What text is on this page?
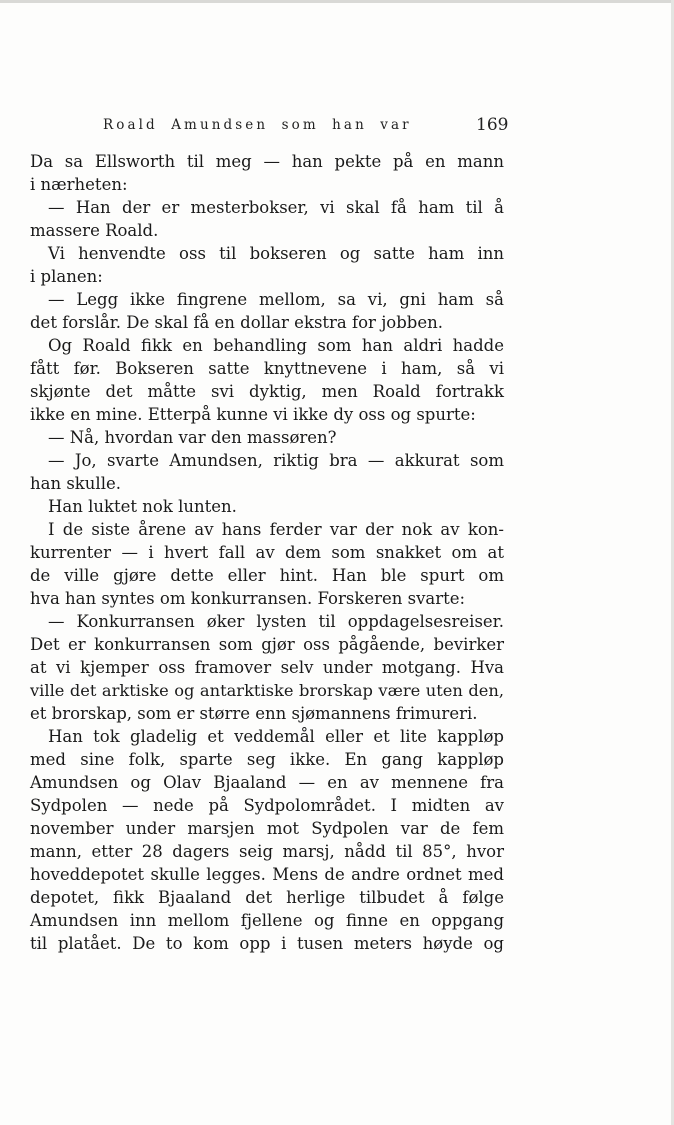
Roald Amundsen som han var	169
Da sa Ellsworth til meg — han pekte på en mann
i nærheten:
— Han der er mesterbokser, vi skal få ham til å
massere Roald.
Vi henvendte oss til bokseren og satte ham inn
i planen:
— Legg ikke fingrene mellom, sa vi, gni ham så
det forslår. De skal få en dollar ekstra for jobben.
Og Roald fikk en behandling som han aldri hadde
fått før. Bokseren satte knyttnevene i ham, så vi
skjønte det måtte svi dyktig, men Roald fortrakk
ikke en mine. Etterpå kunne vi ikke dy oss og spurte:
— Nå, hvordan var den massøren?
— Jo, svarte Amundsen, riktig bra — akkurat som
han skulle.
Han luktet nok lunten.
I de siste årene av hans ferder var der nok av kon-
kurrenter — i hvert fall av dem som snakket om at
de ville gjøre dette eller hint. Han ble spurt om
hva han syntes om konkurransen. Forskeren svarte:
— Konkurransen øker lysten til oppdagelsesreiser.
Det er konkurransen som gjør oss pågående, bevirker
at vi kjemper oss framover selv under motgang. Hva
ville det arktiske og antarktiske brorskap være uten den,
et brorskap, som er større enn sjømannens frimureri.
Han tok gladelig et veddemål eller et lite kappløp
med sine folk, sparte seg ikke. En gang kappløp
Amundsen og Olav Bjaaland — en av mennene fra
Sydpolen — nede på Sydpolområdet. I midten av
november under marsjen mot Sydpolen var de fem
mann, etter 28 dagers seig marsj, nådd til 85°, hvor
hoveddepotet skulle legges. Mens de andre ordnet med
depotet, fikk Bjaaland det herlige tilbudet å følge
Amundsen inn mellom fjellene og finne en oppgang
til platået. De to kom opp i tusen meters høyde og
